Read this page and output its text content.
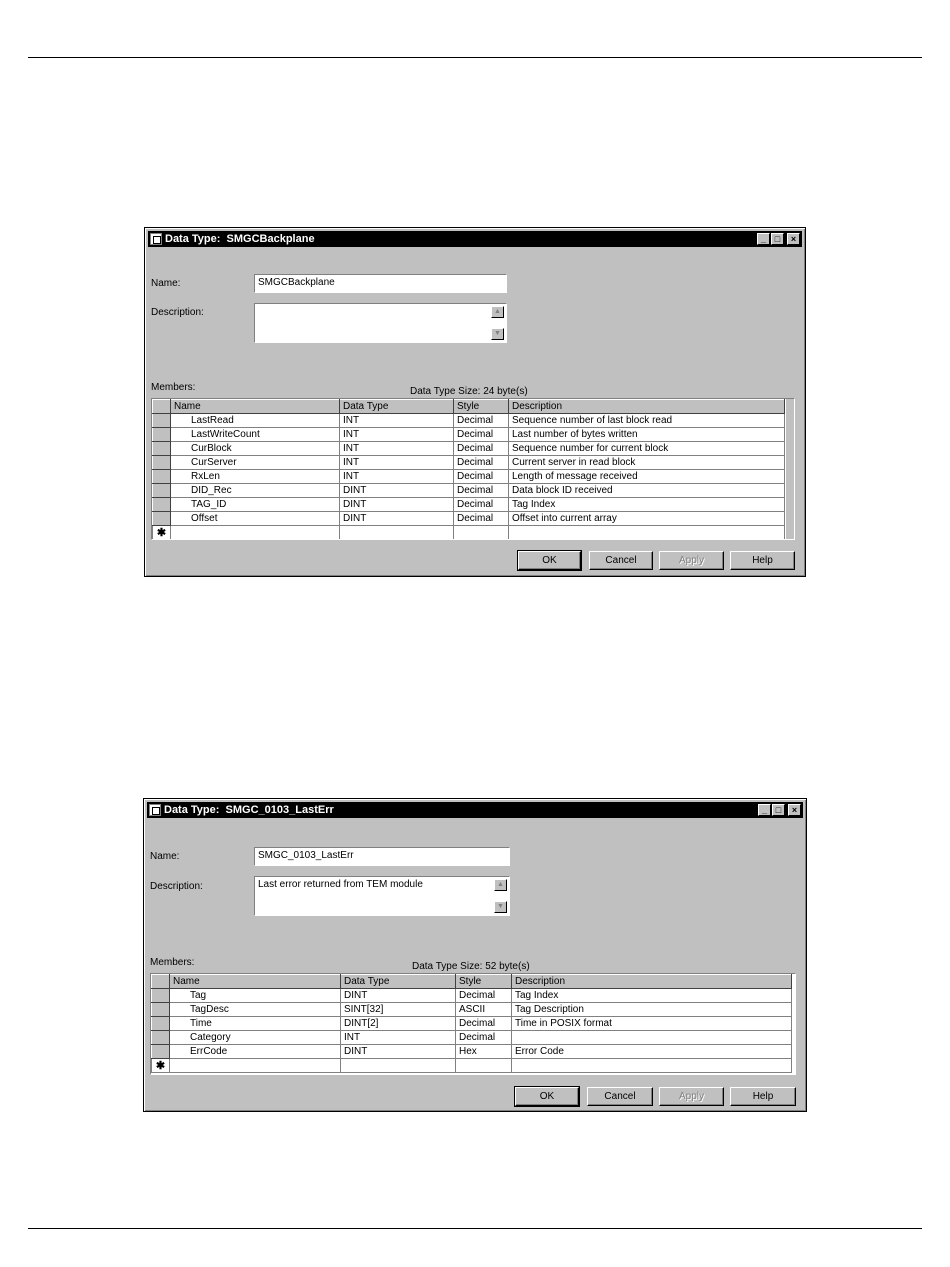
Data Type:  SMGCBackplane	_ □	×
Name:	SMGCBackplane
Description:	▲
▼
Members:	Data Type Size: 24 byte(s)
	Name	Data Type	Style	Description
	LastRead	INT	Decimal	Sequence number of last block read
	LastWriteCount	INT	Decimal	Last number of bytes written
	CurBlock	INT	Decimal	Sequence number for current block
	CurServer	INT	Decimal	Current server in read block
	RxLen	INT	Decimal	Length of message received
	DID_Rec	DINT	Decimal	Data block ID received
	TAG_ID	DINT	Decimal	Tag Index
	Offset	DINT	Decimal	Offset into current array
✱				
OK	Cancel	Apply	Help
Data Type:  SMGC_0103_LastErr	_ □	×
Name:	SMGC_0103_LastErr
Description:	Last error returned from TEM module	▲
▼
Members:	Data Type Size: 52 byte(s)
	Name	Data Type	Style	Description
	Tag	DINT	Decimal	Tag Index
	TagDesc	SINT[32]	ASCII	Tag Description
	Time	DINT[2]	Decimal	Time in POSIX format
	Category	INT	Decimal	
	ErrCode	DINT	Hex	Error Code
✱				
OK	Cancel	Apply	Help
